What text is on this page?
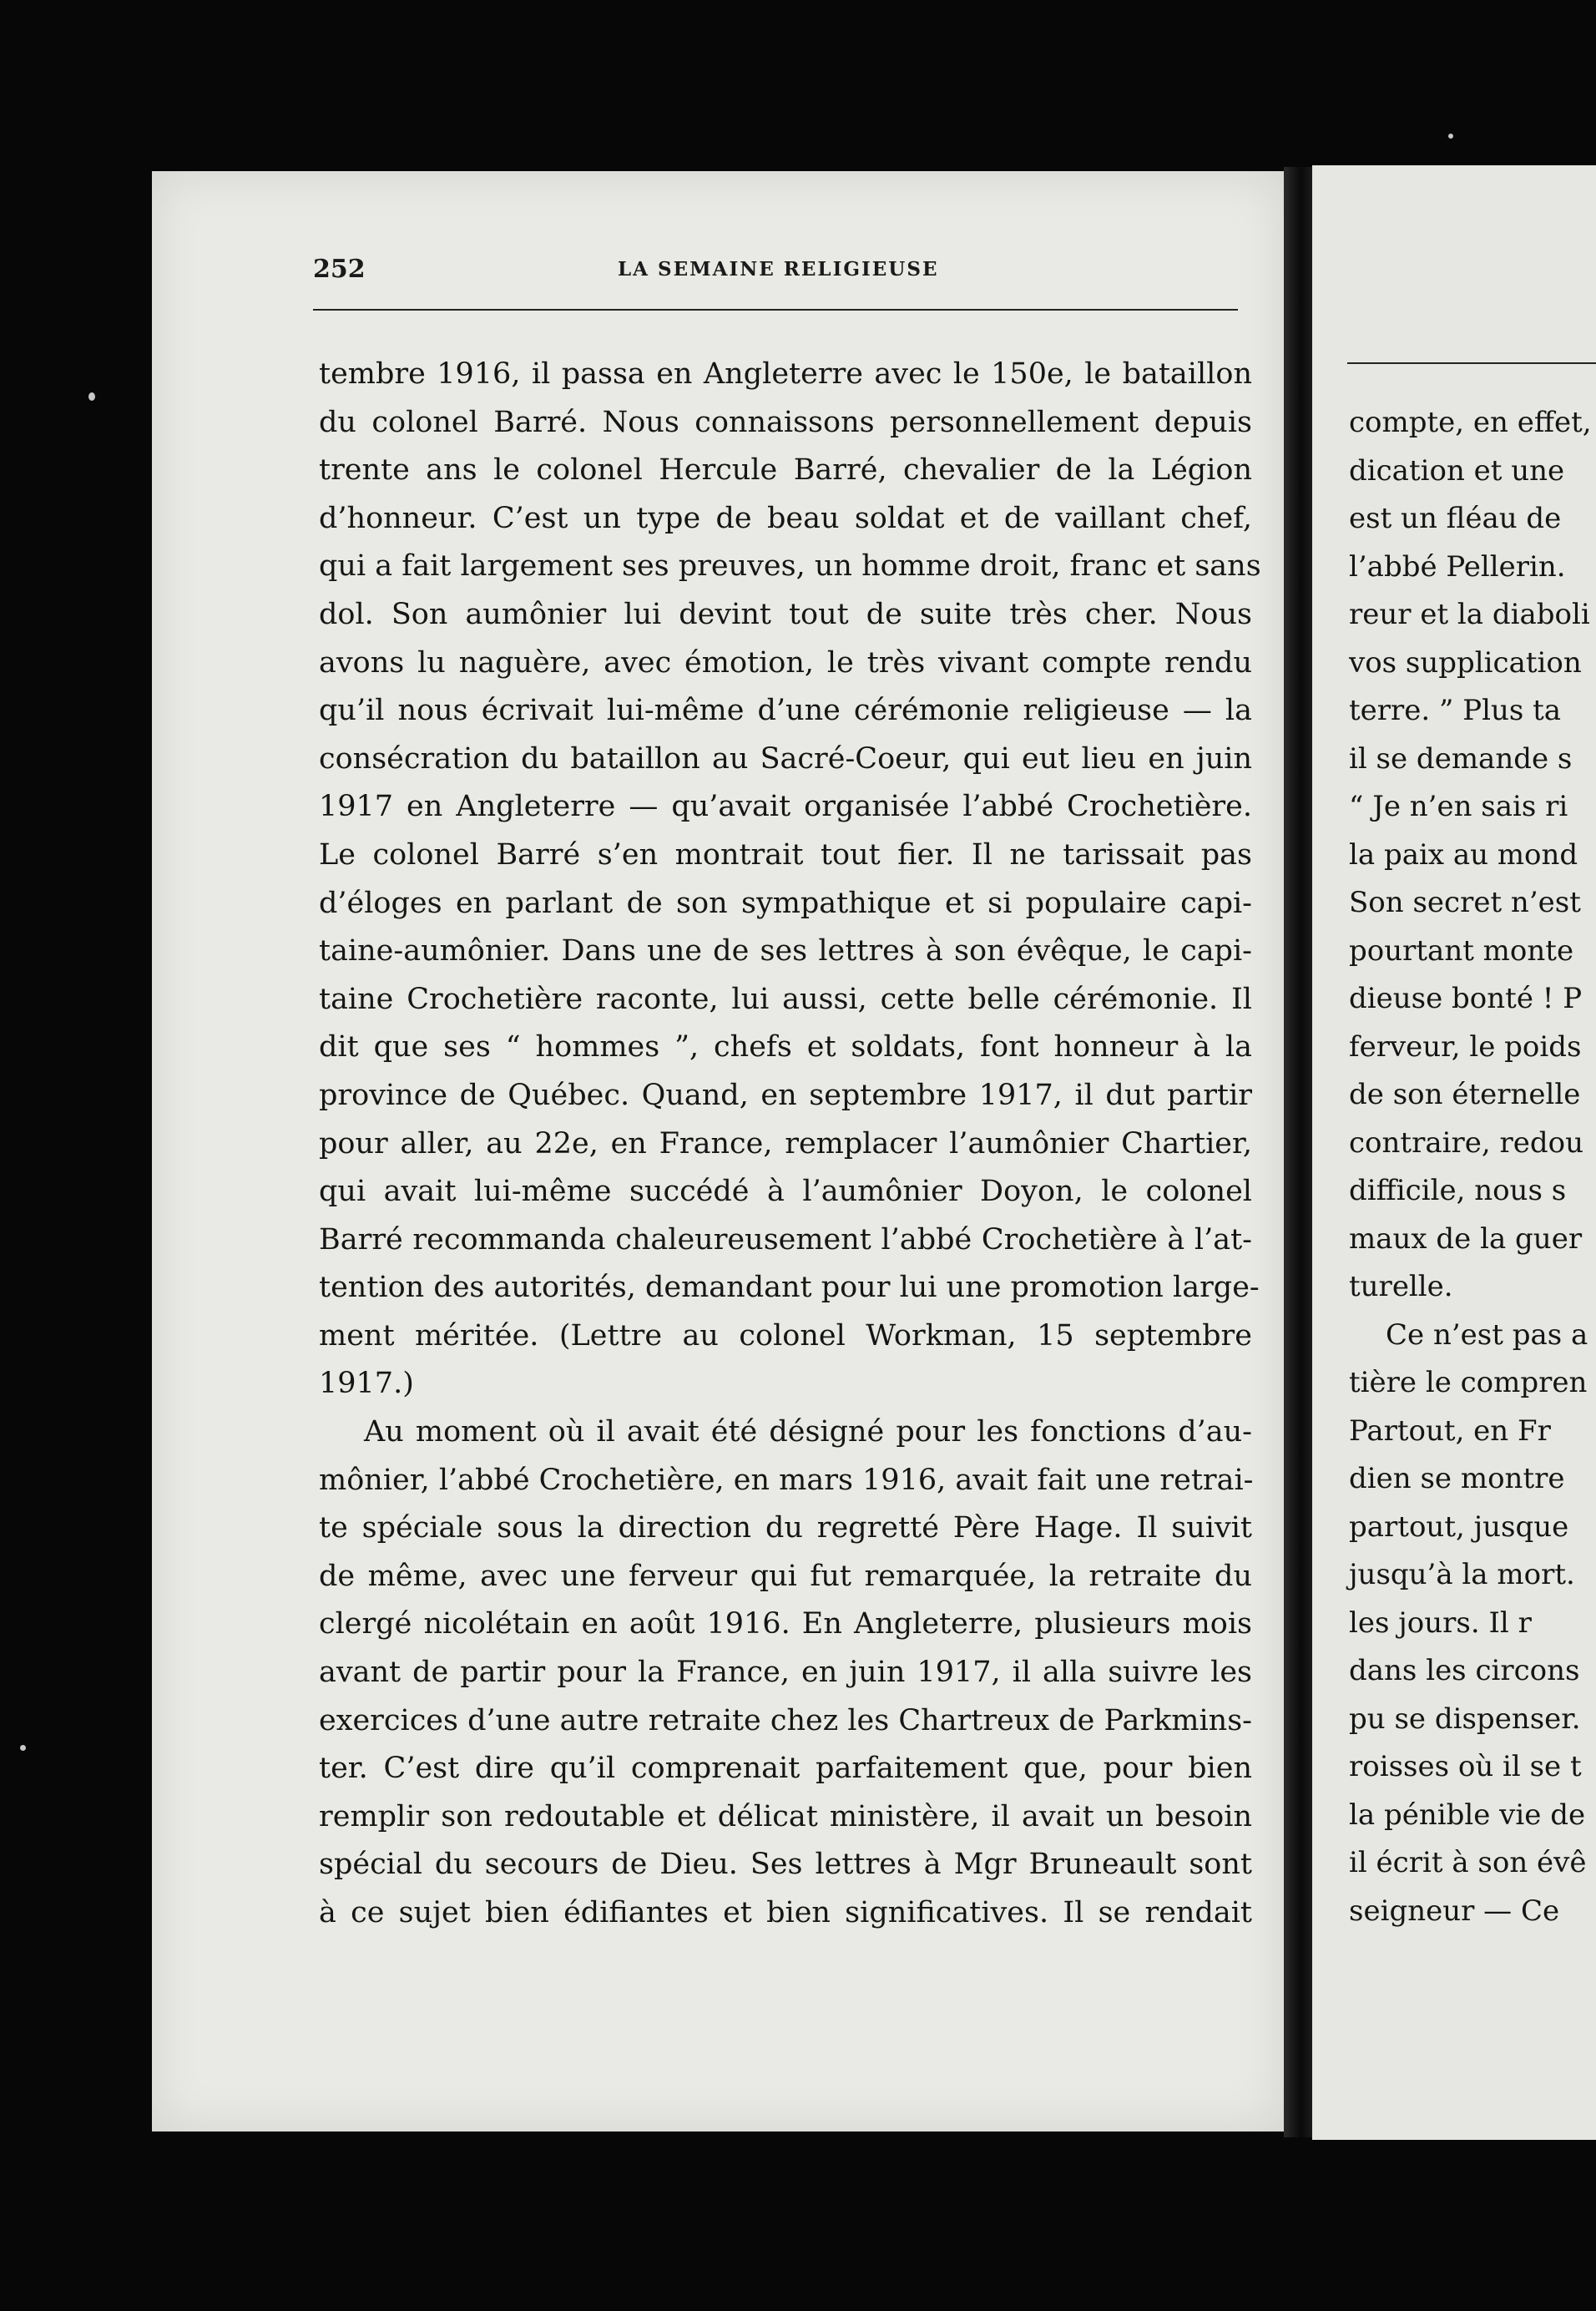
compte, en effet,
dication et une
est un fléau de
l’abbé Pellerin.
reur et la diaboli
vos supplication
terre. ” Plus ta
il se demande s
“ Je n’en sais ri
la paix au mond
Son secret n’est
pourtant monte
dieuse bonté ! P
ferveur, le poids
de son éternelle
contraire, redou
difficile, nous s
maux de la guer
turelle.
Ce n’est pas a
tière le compren
Partout, en Fr
dien se montre
partout, jusque
jusqu’à la mort.
les jours. Il r
dans les circons
pu se dispenser.
roisses où il se t
la pénible vie de
il écrit à son évê
seigneur — Ce
252	LA SEMAINE RELIGIEUSE
tembre 1916, il passa en Angleterre avec le 150e, le bataillon
du colonel Barré. Nous connaissons personnellement depuis
trente ans le colonel Hercule Barré, chevalier de la Légion
d’honneur. C’est un type de beau soldat et de vaillant chef,
qui a fait largement ses preuves, un homme droit, franc et sans
dol. Son aumônier lui devint tout de suite très cher. Nous
avons lu naguère, avec émotion, le très vivant compte rendu
qu’il nous écrivait lui-même d’une cérémonie religieuse — la
consécration du bataillon au Sacré-Coeur, qui eut lieu en juin
1917 en Angleterre — qu’avait organisée l’abbé Crochetière.
Le colonel Barré s’en montrait tout fier. Il ne tarissait pas
d’éloges en parlant de son sympathique et si populaire capi-
taine-aumônier. Dans une de ses lettres à son évêque, le capi-
taine Crochetière raconte, lui aussi, cette belle cérémonie. Il
dit que ses “ hommes ”, chefs et soldats, font honneur à la
province de Québec. Quand, en septembre 1917, il dut partir
pour aller, au 22e, en France, remplacer l’aumônier Chartier,
qui avait lui-même succédé à l’aumônier Doyon, le colonel
Barré recommanda chaleureusement l’abbé Crochetière à l’at-
tention des autorités, demandant pour lui une promotion large-
ment méritée. (Lettre au colonel Workman, 15 septembre
1917.)
Au moment où il avait été désigné pour les fonctions d’au-
mônier, l’abbé Crochetière, en mars 1916, avait fait une retrai-
te spéciale sous la direction du regretté Père Hage. Il suivit
de même, avec une ferveur qui fut remarquée, la retraite du
clergé nicolétain en août 1916. En Angleterre, plusieurs mois
avant de partir pour la France, en juin 1917, il alla suivre les
exercices d’une autre retraite chez les Chartreux de Parkmins-
ter. C’est dire qu’il comprenait parfaitement que, pour bien
remplir son redoutable et délicat ministère, il avait un besoin
spécial du secours de Dieu. Ses lettres à Mgr Bruneault sont
à ce sujet bien édifiantes et bien significatives. Il se rendait
